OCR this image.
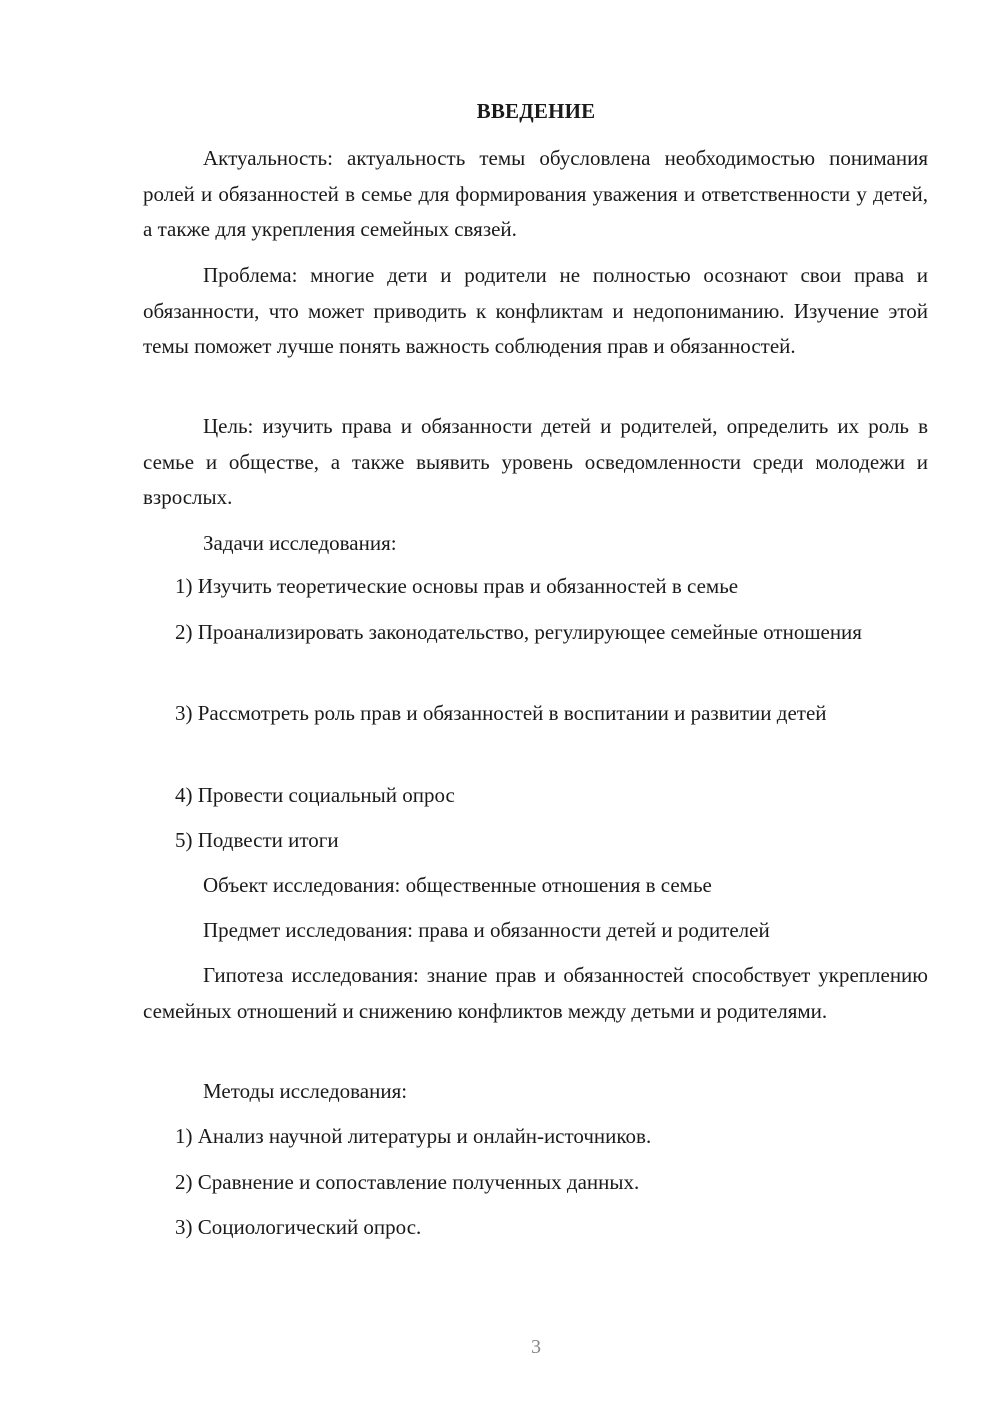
ВВЕДЕНИЕ

Актуальность: актуальность темы обусловлена необходимостью понимания ролей и обязанностей в семье для формирования уважения и ответственности у детей, а также для укрепления семейных связей.

Проблема: многие дети и родители не полностью осознают свои права и обязанности, что может приводить к конфликтам и недопониманию. Изучение этой темы поможет лучше понять важность соблюдения прав и обязанностей.

Цель: изучить права и обязанности детей и родителей, определить их роль в семье и обществе, а также выявить уровень осведомленности среди молодежи и взрослых.

Задачи исследования:

1) Изучить теоретические основы прав и обязанностей в семье

2) Проанализировать законодательство, регулирующее семейные отношения

3) Рассмотреть роль прав и обязанностей в воспитании и развитии детей

4) Провести социальный опрос

5) Подвести итоги

Объект исследования: общественные отношения в семье

Предмет исследования: права и обязанности детей и родителей

Гипотеза исследования: знание прав и обязанностей способствует укреплению семейных отношений и снижению конфликтов между детьми и родителями.

Методы исследования:

1) Анализ научной литературы и онлайн-источников.

2) Сравнение и сопоставление полученных данных.

3) Социологический опрос.

3
